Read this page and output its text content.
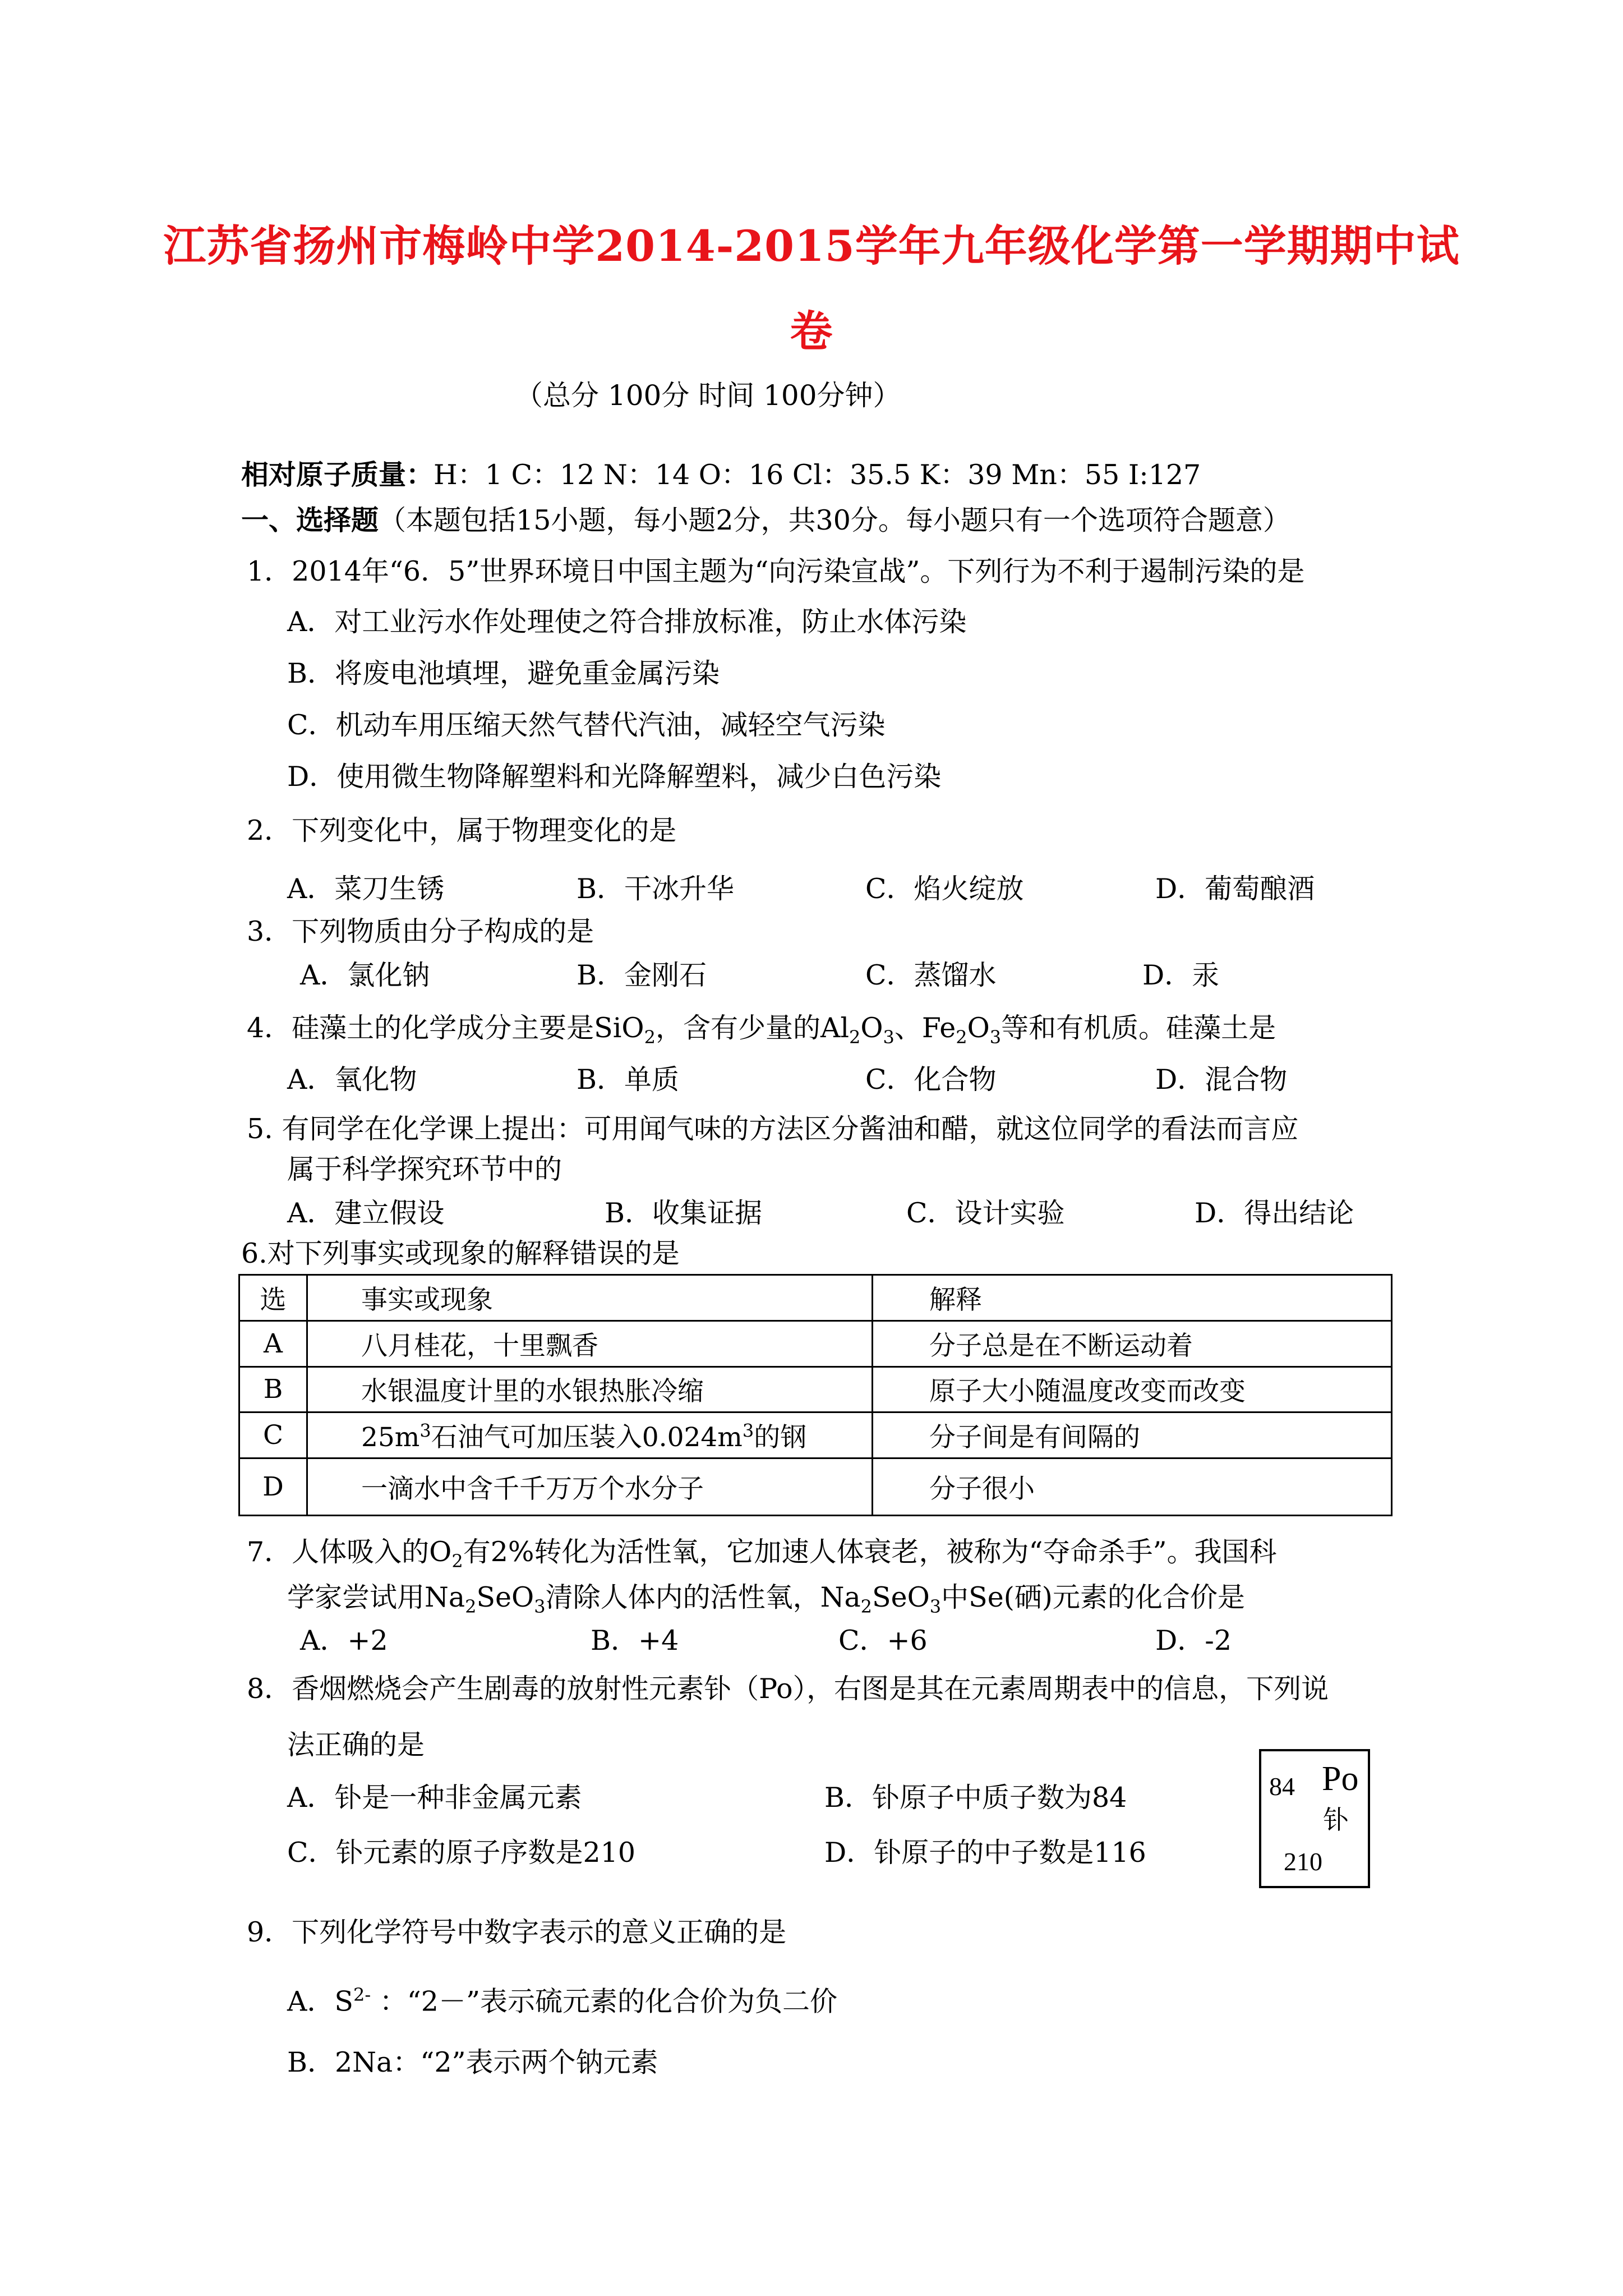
江苏省扬州市梅岭中学2014-2015学年九年级化学第一学期期中试
卷
（总分 100分 时间 100分钟）
相对原子质量：H：1 C：12 N：14 O：16 Cl：35.5 K：39 Mn：55 I:127
一、选择题（本题包括15小题，每小题2分，共30分。每小题只有一个选项符合题意）
1．2014年“6．5”世界环境日中国主题为“向污染宣战”。下列行为不利于遏制污染的是
A．对工业污水作处理使之符合排放标准，防止水体污染
B．将废电池填埋，避免重金属污染
C．机动车用压缩天然气替代汽油，减轻空气污染
D．使用微生物降解塑料和光降解塑料，减少白色污染
2．下列变化中，属于物理变化的是
A．菜刀生锈	B．干冰升华	C．焰火绽放	D．葡萄酿酒
3．下列物质由分子构成的是
A．氯化钠	B．金刚石	C．蒸馏水	D．汞
4．硅藻土的化学成分主要是SiO$_2$，含有少量的$Al_2O_3$、$Fe_2O_3$等和有机质。硅藻土是
A．氧化物	B．单质	C．化合物	D．混合物
5. 有同学在化学课上提出：可用闻气味的方法区分酱油和醋，就这位同学的看法而言应
属于科学探究环节中的
A．建立假设	B．收集证据	C．设计实验	D．得出结论
6.对下列事实或现象的解释错误的是
选	事实或现象	解释
A	八月桂花，十里飘香	分子总是在不断运动着
B	水银温度计里的水银热胀冷缩	原子大小随温度改变而改变
C	$25m^3$石油气可加压装入$0.024m^3$的钢	分子间是有间隔的
D	一滴水中含千千万万个水分子	分子很小
7．人体吸入的$O_2$有2%转化为活性氧，它加速人体衰老，被称为“夺命杀手”。我国科
学家尝试用$Na_2SeO_3$清除人体内的活性氧，$Na_2SeO_3$中Se(硒)元素的化合价是
A．+2	B．+4	C．+6	D．-2
8．香烟燃烧会产生剧毒的放射性元素钋（Po），右图是其在元素周期表中的信息，下列说
法正确的是
A．钋是一种非金属元素	B．钋原子中质子数为84
C．钋元素的原子序数是210	D．钋原子的中子数是116
84 Po
钋
210
9．下列化学符号中数字表示的意义正确的是
A．$S^{2-}$ ：“2－”表示硫元素的化合价为负二价
B．2Na：“2”表示两个钠元素
